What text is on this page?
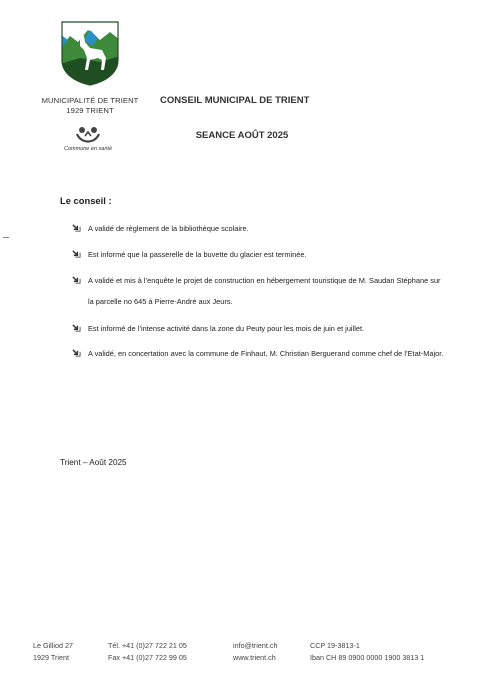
MUNICIPALITÉ DE TRIENT
1929 TRIENT
Commune en santé
CONSEIL MUNICIPAL DE TRIENT
SEANCE AOÛT 2025
Le conseil :
A validé de règlement de la bibliothèque scolaire.
Est informé que la passerelle de la buvette du glacier est terminée.
A validé et mis à l’enquête le projet de construction en hébergement touristique de M. Saudan Stéphane sur la parcelle no 645 à Pierre-André aux Jeurs.
Est informé de l’intense activité dans la zone du Peuty pour les mois de juin et juillet.
A validé, en concertation avec la commune de Finhaut, M. Christian Berguerand comme chef de l’Etat-Major.
Trient – Août 2025
Le Gilliod 27
1929 Trient
Tél. +41 (0)27 722 21 05
Fax +41 (0)27 722 99 05
info@trient.ch
www.trient.ch
CCP 19-3813-1
Iban CH 89 0900 0000 1900 3813 1
